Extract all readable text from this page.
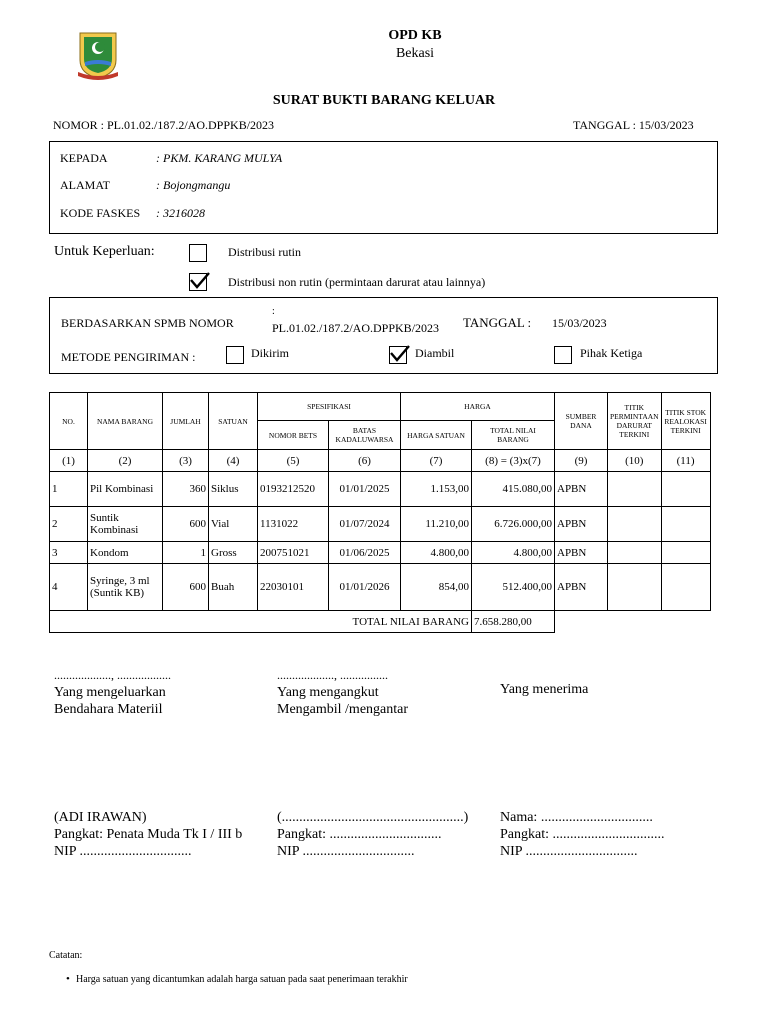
OPD KB
Bekasi
SURAT BUKTI BARANG KELUAR
NOMOR : PL.01.02./187.2/AO.DPPKB/2023	TANGGAL : 15/03/2023
KEPADA	: PKM. KARANG MULYA
ALAMAT	: Bojongmangu
KODE FASKES : 3216028
Untuk Keperluan:	Distribusi rutin
Distribusi non rutin (permintaan darurat atau lainnya)
BERDASARKAN SPMB NOMOR
:
PL.01.02./187.2/AO.DPPKB/2023 TANGGAL : 15/03/2023
METODE PENGIRIMAN :	Dikirim	Diambil	Pihak Ketiga
NO.	NAMA BARANG	JUMLAH	SATUAN	SPESIFIKASI		HARGA		SUMBER DANA	TITIK PERMINTAAN DARURAT TERKINI	TITIK STOK REALOKASI TERKINI
				NOMOR BETS	BATAS KADALUWARSA	HARGA SATUAN	TOTAL NILAI BARANG			
(1)	(2)	(3)	(4)	(5)	(6)	(7)	(8) = (3)x(7)	(9)	(10)	(11)
1	Pil Kombinasi	360	Siklus	0193212520	01/01/2025	1.153,00	415.080,00	APBN		
2	Suntik Kombinasi	600	Vial	1131022	01/07/2024	11.210,00	6.726.000,00	APBN		
3	Kondom	1	Gross	200751021	01/06/2025	4.800,00	4.800,00	APBN		
4	Syringe, 3 ml (Suntik KB)	600	Buah	22030101	01/01/2026	854,00	512.400,00	APBN		
TOTAL NILAI BARANG							7.658.280,00			
..................., ..................
Yang mengeluarkan
Bendahara Materiil
..................., ................
Yang mengangkut
Mengambil /mengantar
Yang menerima
(ADI IRAWAN)
Pangkat: Penata Muda Tk I / III b
NIP ................................
(....................................................)
Pangkat: ................................
NIP ................................
Nama: ................................
Pangkat: ................................
NIP ................................
Catatan:
• Harga satuan yang dicantumkan adalah harga satuan pada saat penerimaan terakhir
